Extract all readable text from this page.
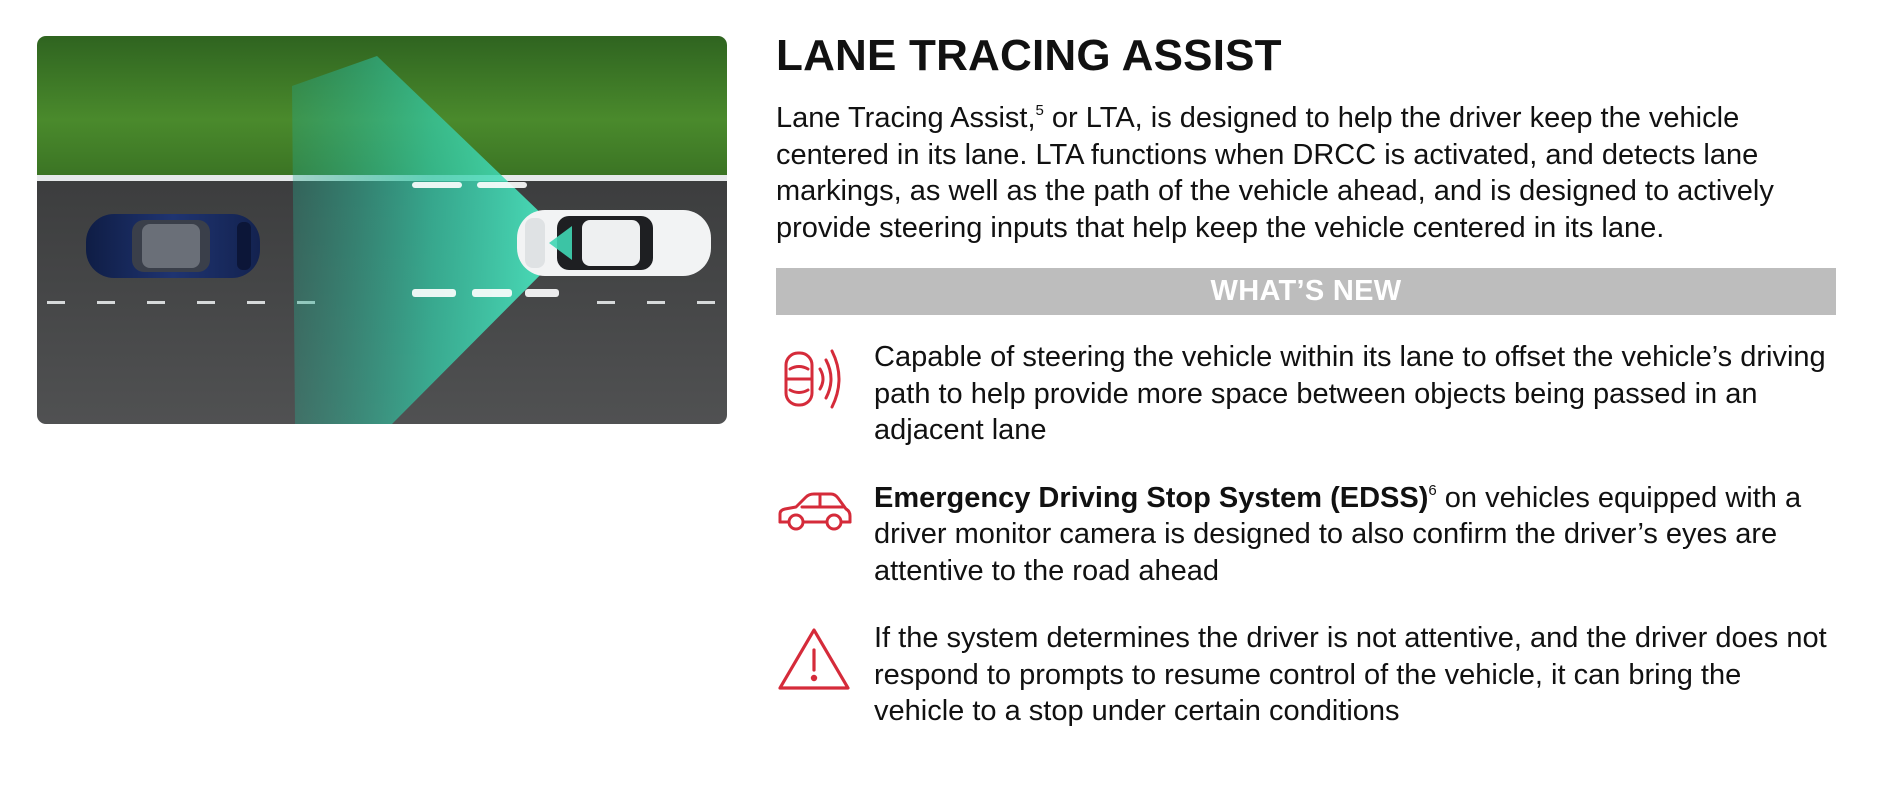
LANE TRACING ASSIST

Lane Tracing Assist,$^5$ or LTA, is designed to help the driver keep the vehicle centered in its lane. LTA functions when DRCC is activated, and detects lane markings, as well as the path of the vehicle ahead, and is designed to actively provide steering inputs that help keep the vehicle centered in its lane.

WHAT’S NEW
Capable of steering the vehicle within its lane to offset the vehicle’s driving path to help provide more space between objects being passed in an adjacent lane
Emergency Driving Stop System (EDSS)$^6$ on vehicles equipped with a driver monitor camera is designed to also confirm the driver’s eyes are attentive to the road ahead
If the system determines the driver is not attentive, and the driver does not respond to prompts to resume control of the vehicle, it can bring the vehicle to a stop under certain conditions
